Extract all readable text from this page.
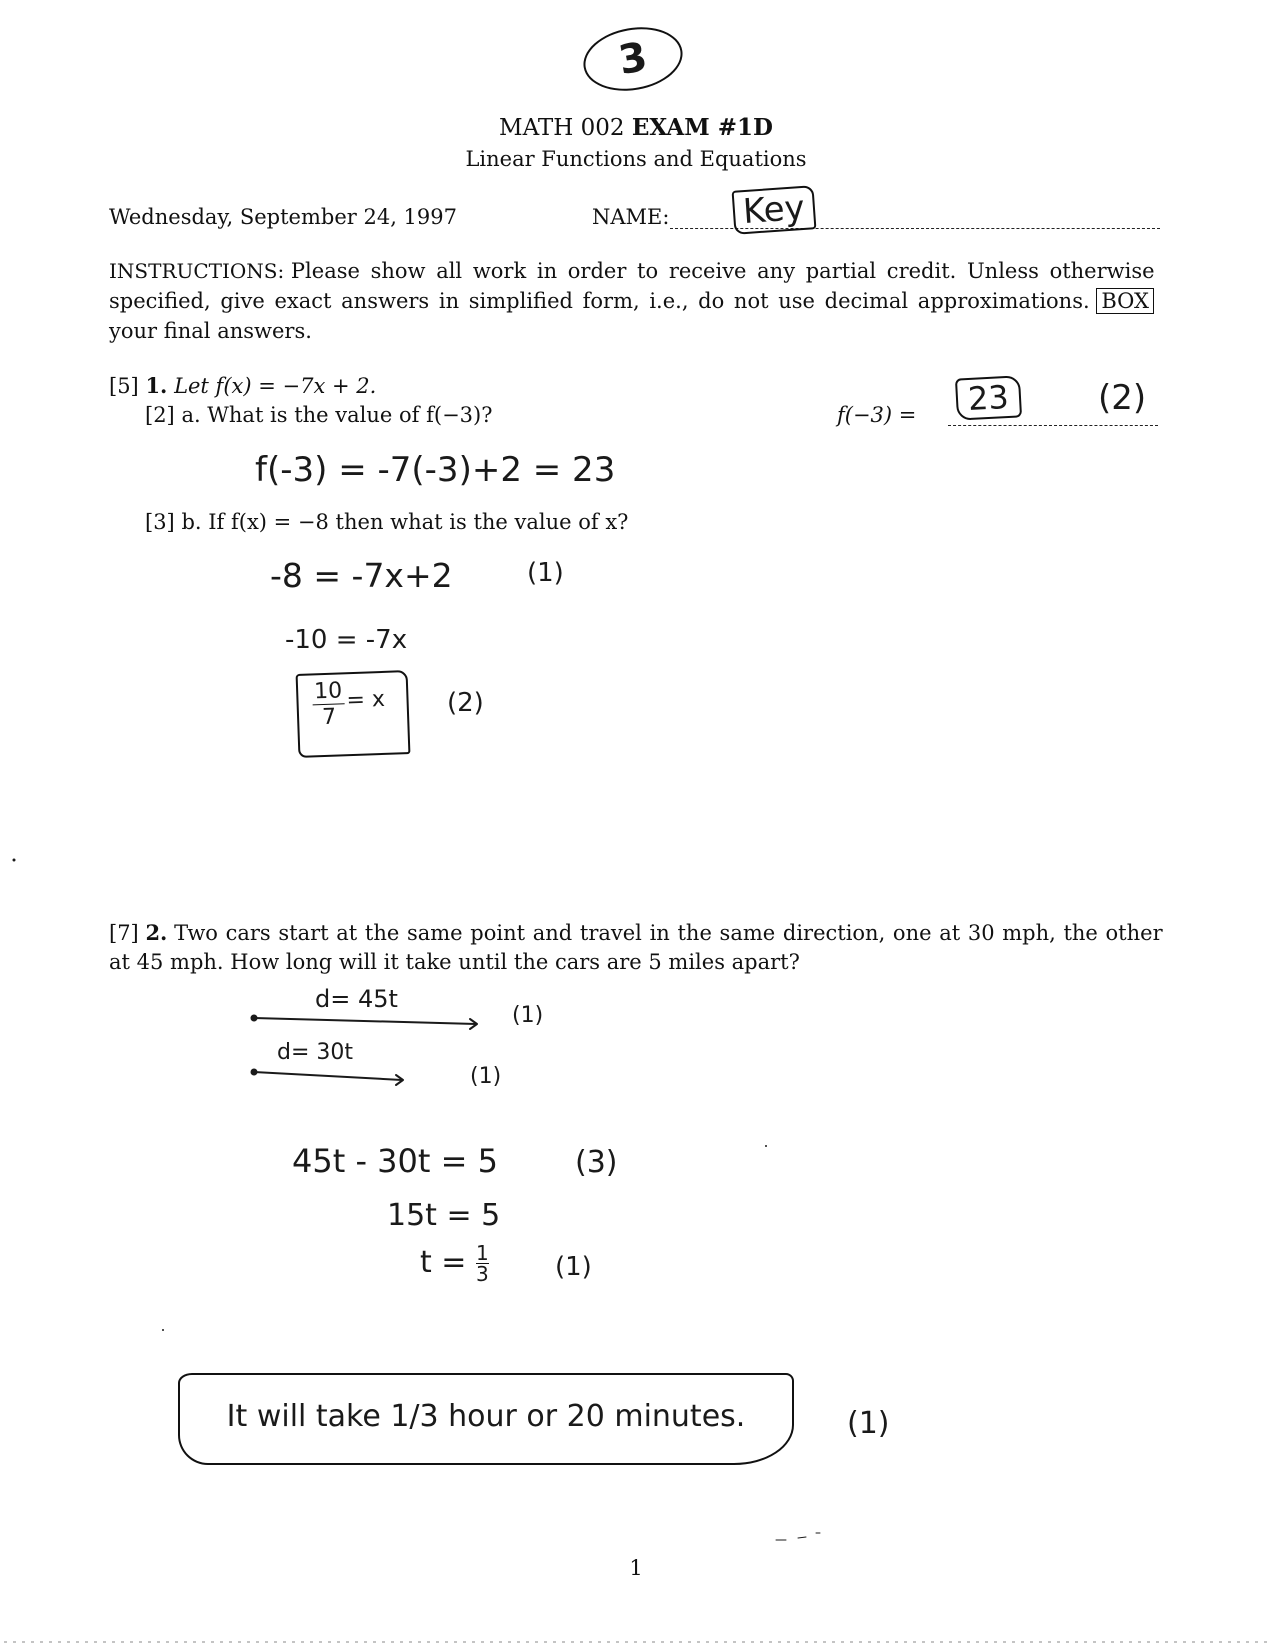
3
MATH 002 EXAM #1D
Linear Functions and Equations
Wednesday, September 24, 1997	NAME: Key
INSTRUCTIONS: Please show all work in order to receive any partial credit. Unless otherwise
specified, give exact answers in simplified form, i.e., do not use decimal approximations. BOX
your final answers.
[5] 1. Let f(x) = −7x + 2.
[2] a. What is the value of f(−3)?	f(−3) =	23	(2)
f(-3) = -7(-3)+2 = 23
[3] b. If f(x) = −8 then what is the value of x?
-8 = -7x+2	(1)
-10 = -7x
$\frac{10}{7} = x$ (2)
[7] 2. Two cars start at the same point and travel in the same direction, one at 30 mph, the other
at 45 mph. How long will it take until the cars are 5 miles apart?
d= 45t
(1)
d= 30t
(1)
45t - 30t = 5	(3)
15t = 5
$t = \frac{1}{3}$	(1)
It will take 1/3 hour or 20 minutes.	(1)
1
